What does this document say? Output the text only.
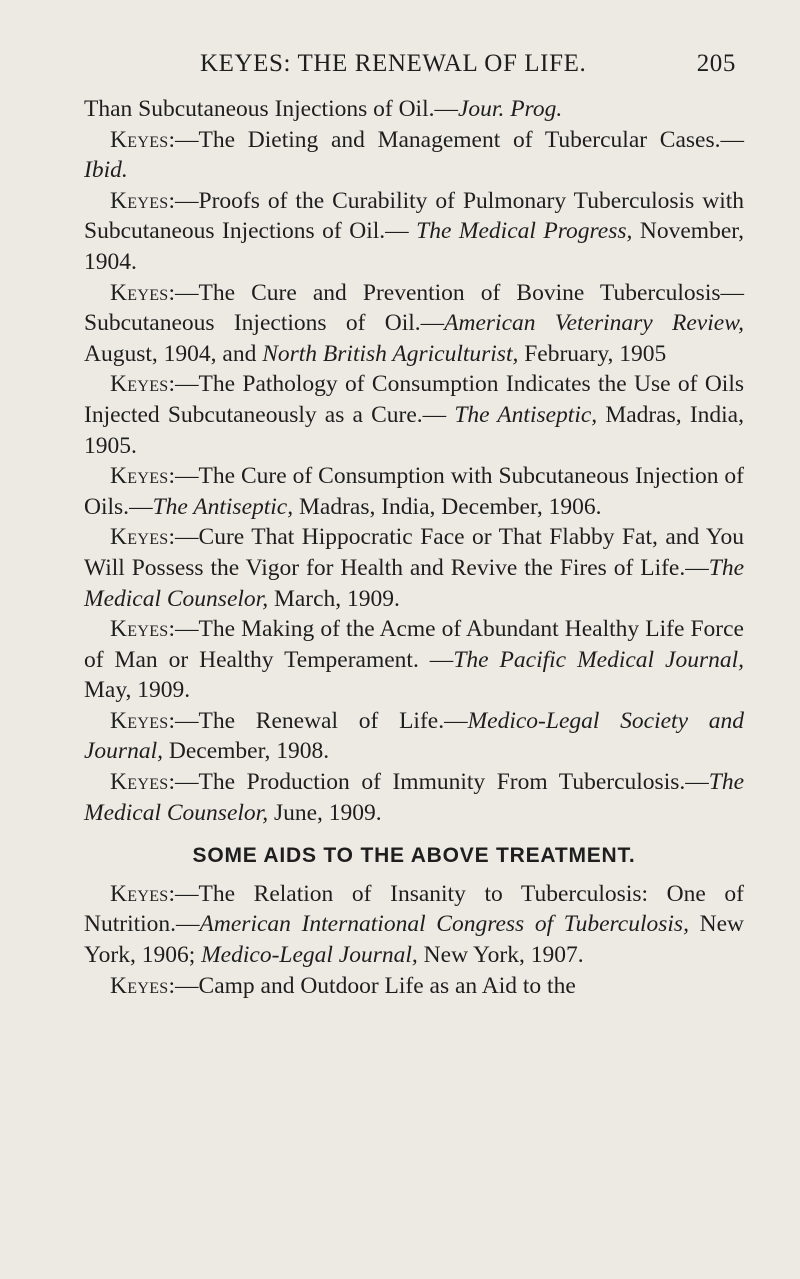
KEYES: THE RENEWAL OF LIFE.	205

Than Subcutaneous Injections of Oil.—Jour. Prog.

Keyes:—The Dieting and Management of Tubercular Cases.—Ibid.

Keyes:—Proofs of the Curability of Pulmonary Tuberculosis with Subcutaneous Injections of Oil.— The Medical Progress, November, 1904.

Keyes:—The Cure and Prevention of Bovine Tuberculosis—Subcutaneous Injections of Oil.—American Veterinary Review, August, 1904, and North British Agriculturist, February, 1905

Keyes:—The Pathology of Consumption Indicates the Use of Oils Injected Subcutaneously as a Cure.— The Antiseptic, Madras, India, 1905.

Keyes:—The Cure of Consumption with Subcutaneous Injection of Oils.—The Antiseptic, Madras, India, December, 1906.

Keyes:—Cure That Hippocratic Face or That Flabby Fat, and You Will Possess the Vigor for Health and Revive the Fires of Life.—The Medical Counselor, March, 1909.

Keyes:—The Making of the Acme of Abundant Healthy Life Force of Man or Healthy Temperament. —The Pacific Medical Journal, May, 1909.

Keyes:—The Renewal of Life.—Medico-Legal Society and Journal, December, 1908.

Keyes:—The Production of Immunity From Tuberculosis.—The Medical Counselor, June, 1909.

SOME AIDS TO THE ABOVE TREATMENT.

Keyes:—The Relation of Insanity to Tuberculosis: One of Nutrition.—American International Congress of Tuberculosis, New York, 1906; Medico-Legal Journal, New York, 1907.

Keyes:—Camp and Outdoor Life as an Aid to the
